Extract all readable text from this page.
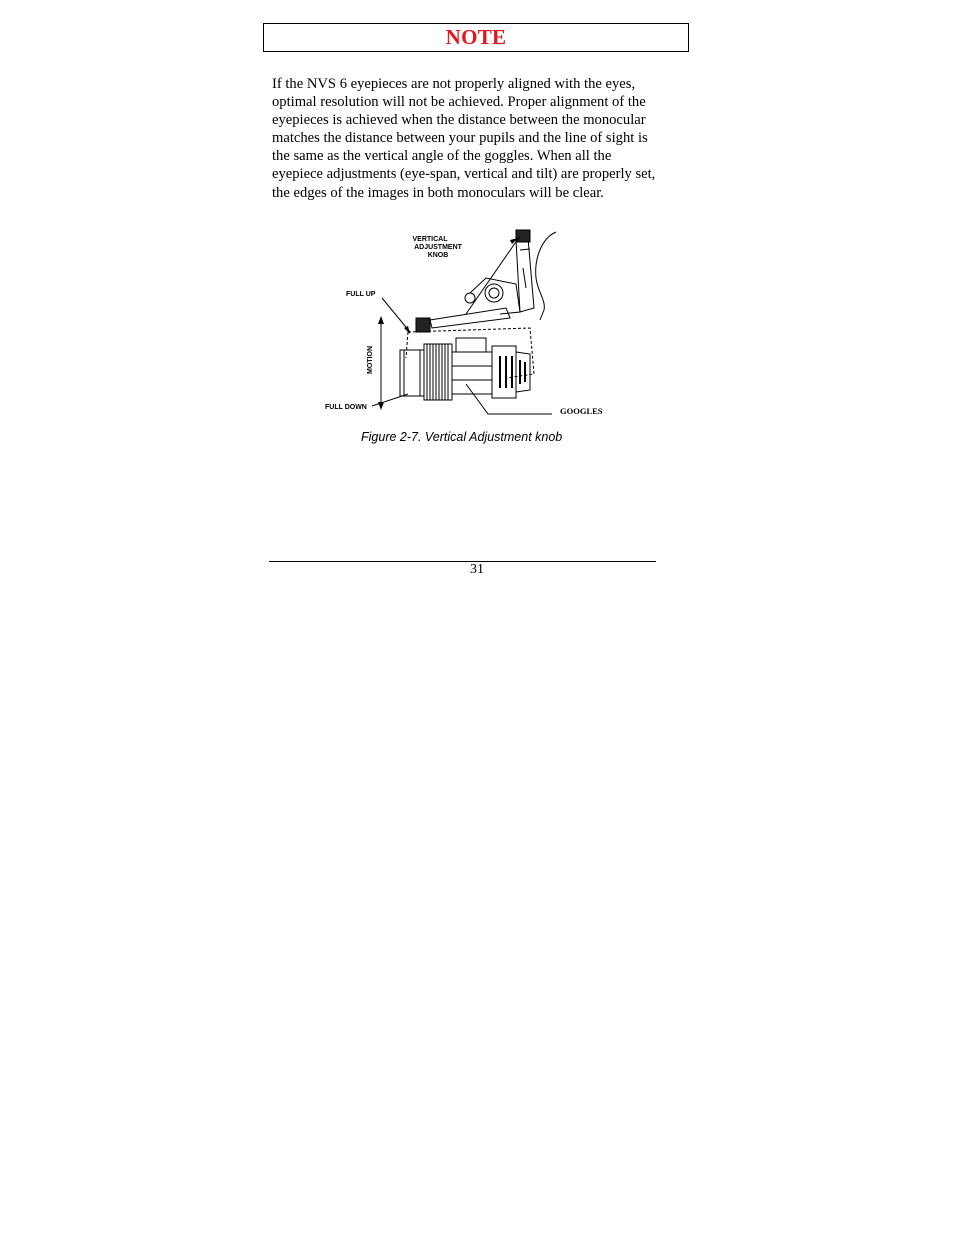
NOTE

If the NVS 6 eyepieces are not properly aligned with the eyes,
optimal resolution will not be achieved. Proper alignment of the
eyepieces is achieved when the distance between the monocular
matches the distance between your pupils and the line of sight is
the same as the vertical angle of the goggles. When all the
eyepiece adjustments (eye-span, vertical and tilt) are properly set,
the edges of the images in both monoculars will be clear.

VERTICAL
ADJUSTMENT
KNOB
FULL UP
MOTION
FULL DOWN	GOOGLES
Figure 2-7. Vertical Adjustment knob
31
